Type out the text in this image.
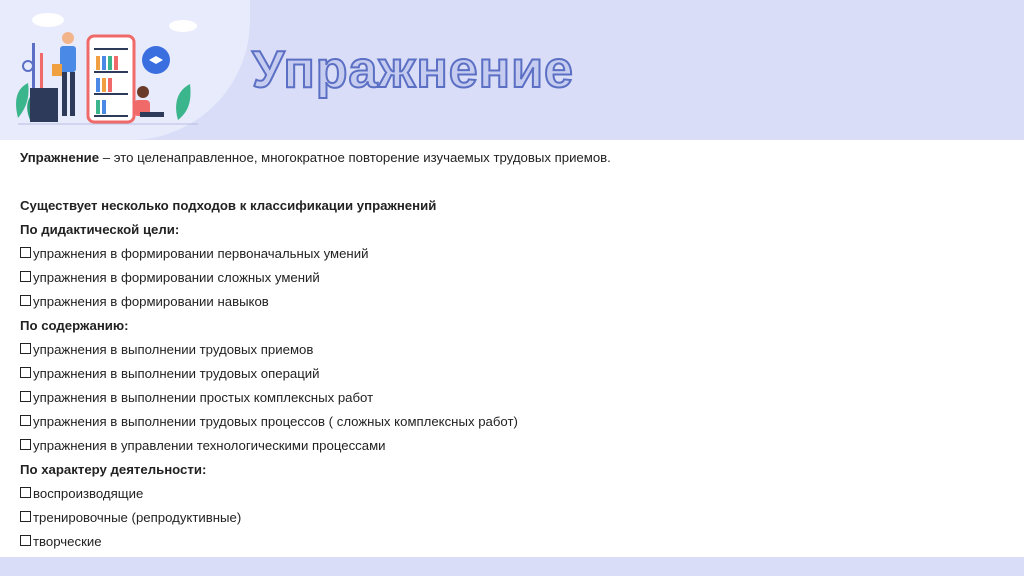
Упражнение
Упражнение – это целенаправленное, многократное повторение изучаемых трудовых приемов.
Существует несколько подходов к классификации упражнений
По дидактической цели:
упражнения в формировании первоначальных умений
упражнения в формировании сложных умений
упражнения в формировании навыков
По содержанию:
упражнения в выполнении трудовых приемов
упражнения в выполнении трудовых операций
упражнения в выполнении простых комплексных работ
упражнения в выполнении трудовых процессов ( сложных комплексных работ)
упражнения в управлении технологическими процессами
По характеру деятельности:
воспроизводящие
тренировочные (репродуктивные)
творческие
